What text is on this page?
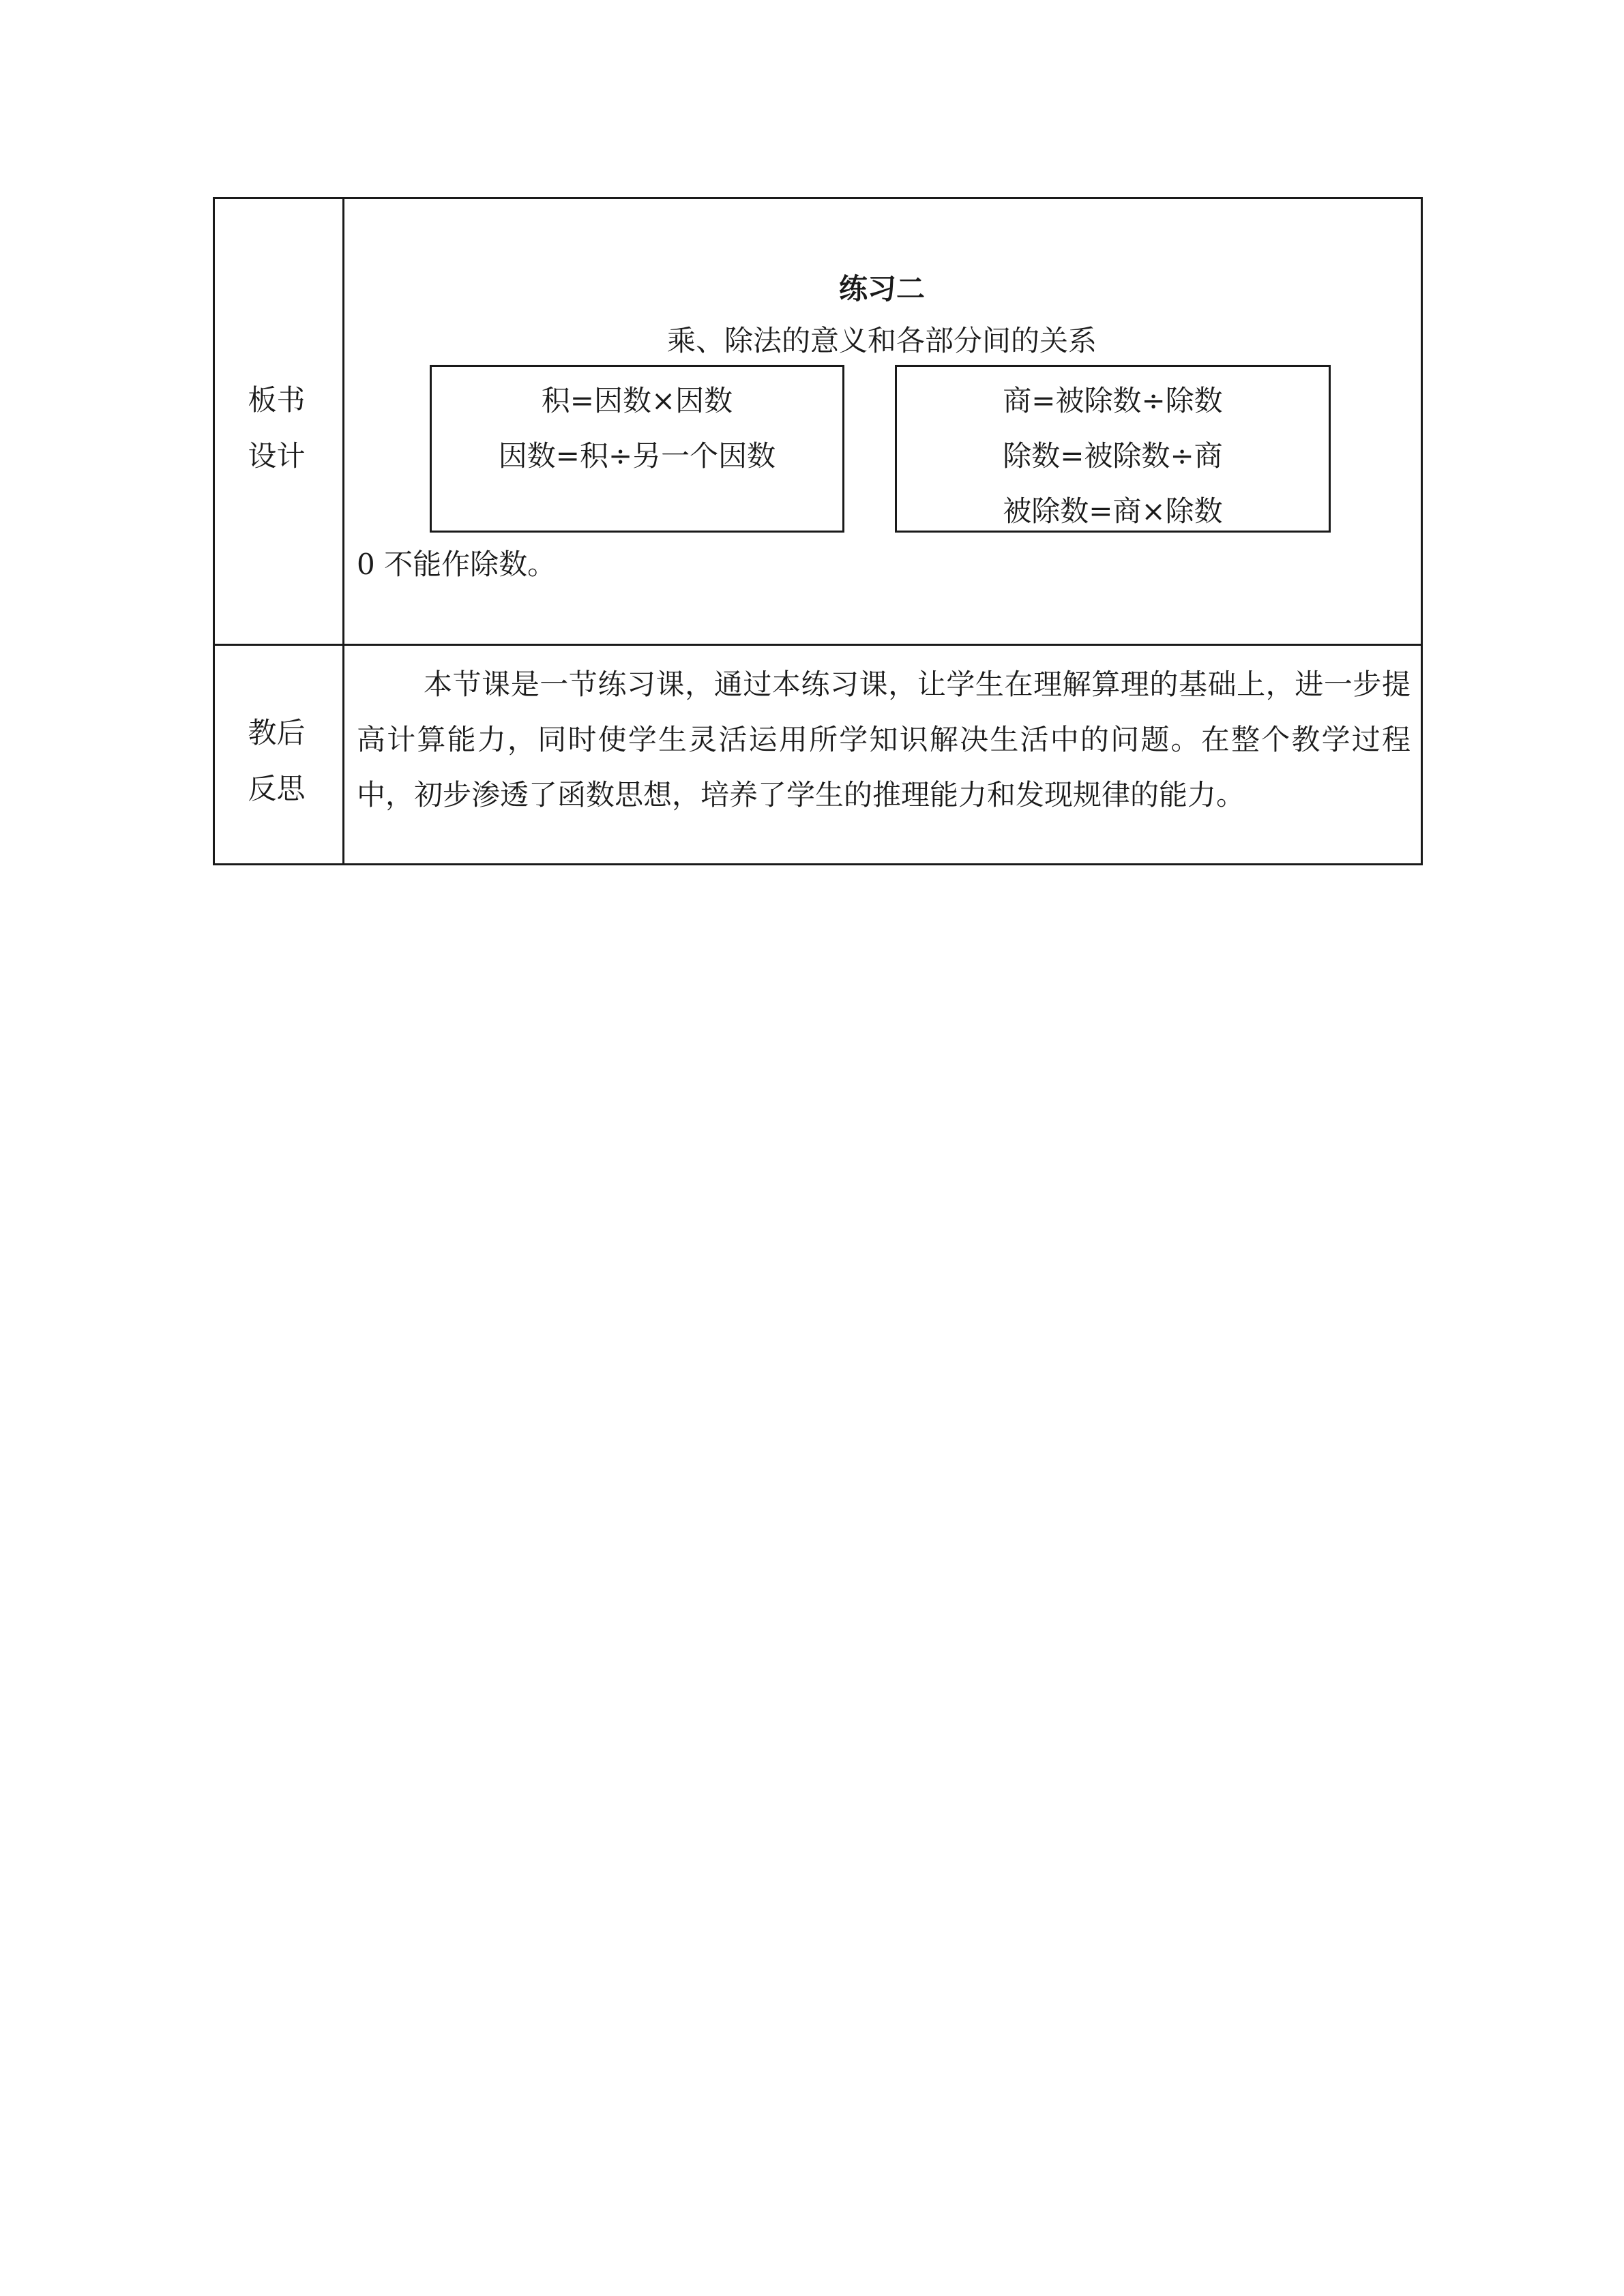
板书
设计
练习二
乘、除法的意义和各部分间的关系
积=因数×因数
因数=积÷另一个因数
商=被除数÷除数
除数=被除数÷商
被除数=商×除数
0 不能作除数。
教后
反思
本节课是一节练习课，通过本练习课，让学生在理解算理的基础上，进一步提高计算能力，同时使学生灵活运用所学知识解决生活中的问题。在整个教学过程中，初步渗透了函数思想，培养了学生的推理能力和发现规律的能力。
